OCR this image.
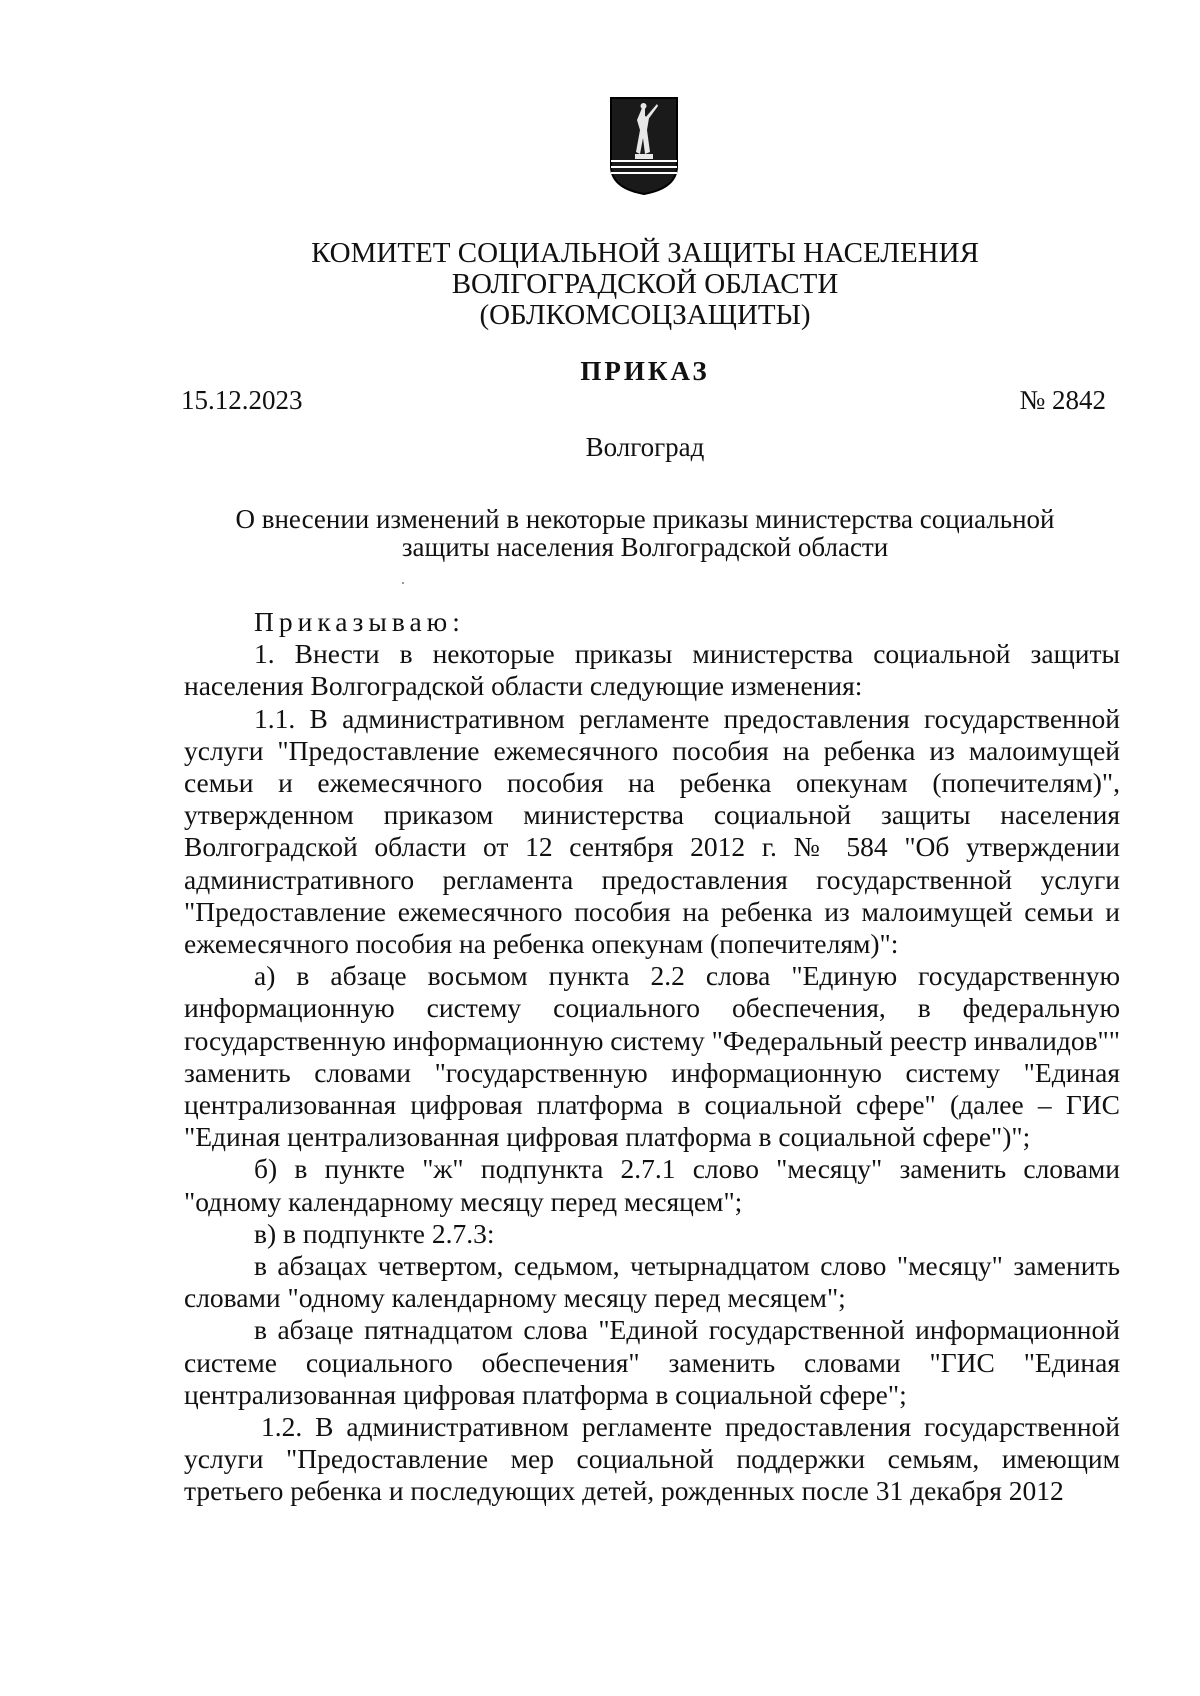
КОМИТЕТ СОЦИАЛЬНОЙ ЗАЩИТЫ НАСЕЛЕНИЯ
ВОЛГОГРАДСКОЙ ОБЛАСТИ
(ОБЛКОМСОЦЗАЩИТЫ)
ПРИКАЗ
15.12.2023	№ 2842
Волгоград
О внесении изменений в некоторые приказы министерства социальной
защиты населения Волгоградской области

Приказываю:

1. Внести в некоторые приказы министерства социальной защиты населения Волгоградской области следующие изменения:

1.1. В административном регламенте предоставления государственной услуги "Предоставление ежемесячного пособия на ребенка из малоимущей семьи и ежемесячного пособия на ребенка опекунам (попечителям)", утвержденном приказом министерства социальной защиты населения Волгоградской области от 12 сентября 2012 г. № 584 "Об утверждении административного регламента предоставления государственной услуги "Предоставление ежемесячного пособия на ребенка из малоимущей семьи и ежемесячного пособия на ребенка опекунам (попечителям)":

а) в абзаце восьмом пункта 2.2 слова "Единую государственную информационную систему социального обеспечения, в федеральную государственную информационную систему "Федеральный реестр инвалидов"" заменить словами "государственную информационную систему "Единая централизованная цифровая платформа в социальной сфере" (далее – ГИС "Единая централизованная цифровая платформа в социальной сфере")";

б) в пункте "ж" подпункта 2.7.1 слово "месяцу" заменить словами "одному календарному месяцу перед месяцем";

в) в подпункте 2.7.3:

в абзацах четвертом, седьмом, четырнадцатом слово "месяцу" заменить словами "одному календарному месяцу перед месяцем";

в абзаце пятнадцатом слова "Единой государственной информационной системе социального обеспечения" заменить словами "ГИС "Единая централизованная цифровая платформа в социальной сфере";

1.2. В административном регламенте предоставления государственной услуги "Предоставление мер социальной поддержки семьям, имеющим третьего ребенка и последующих детей, рожденных после 31 декабря 2012
